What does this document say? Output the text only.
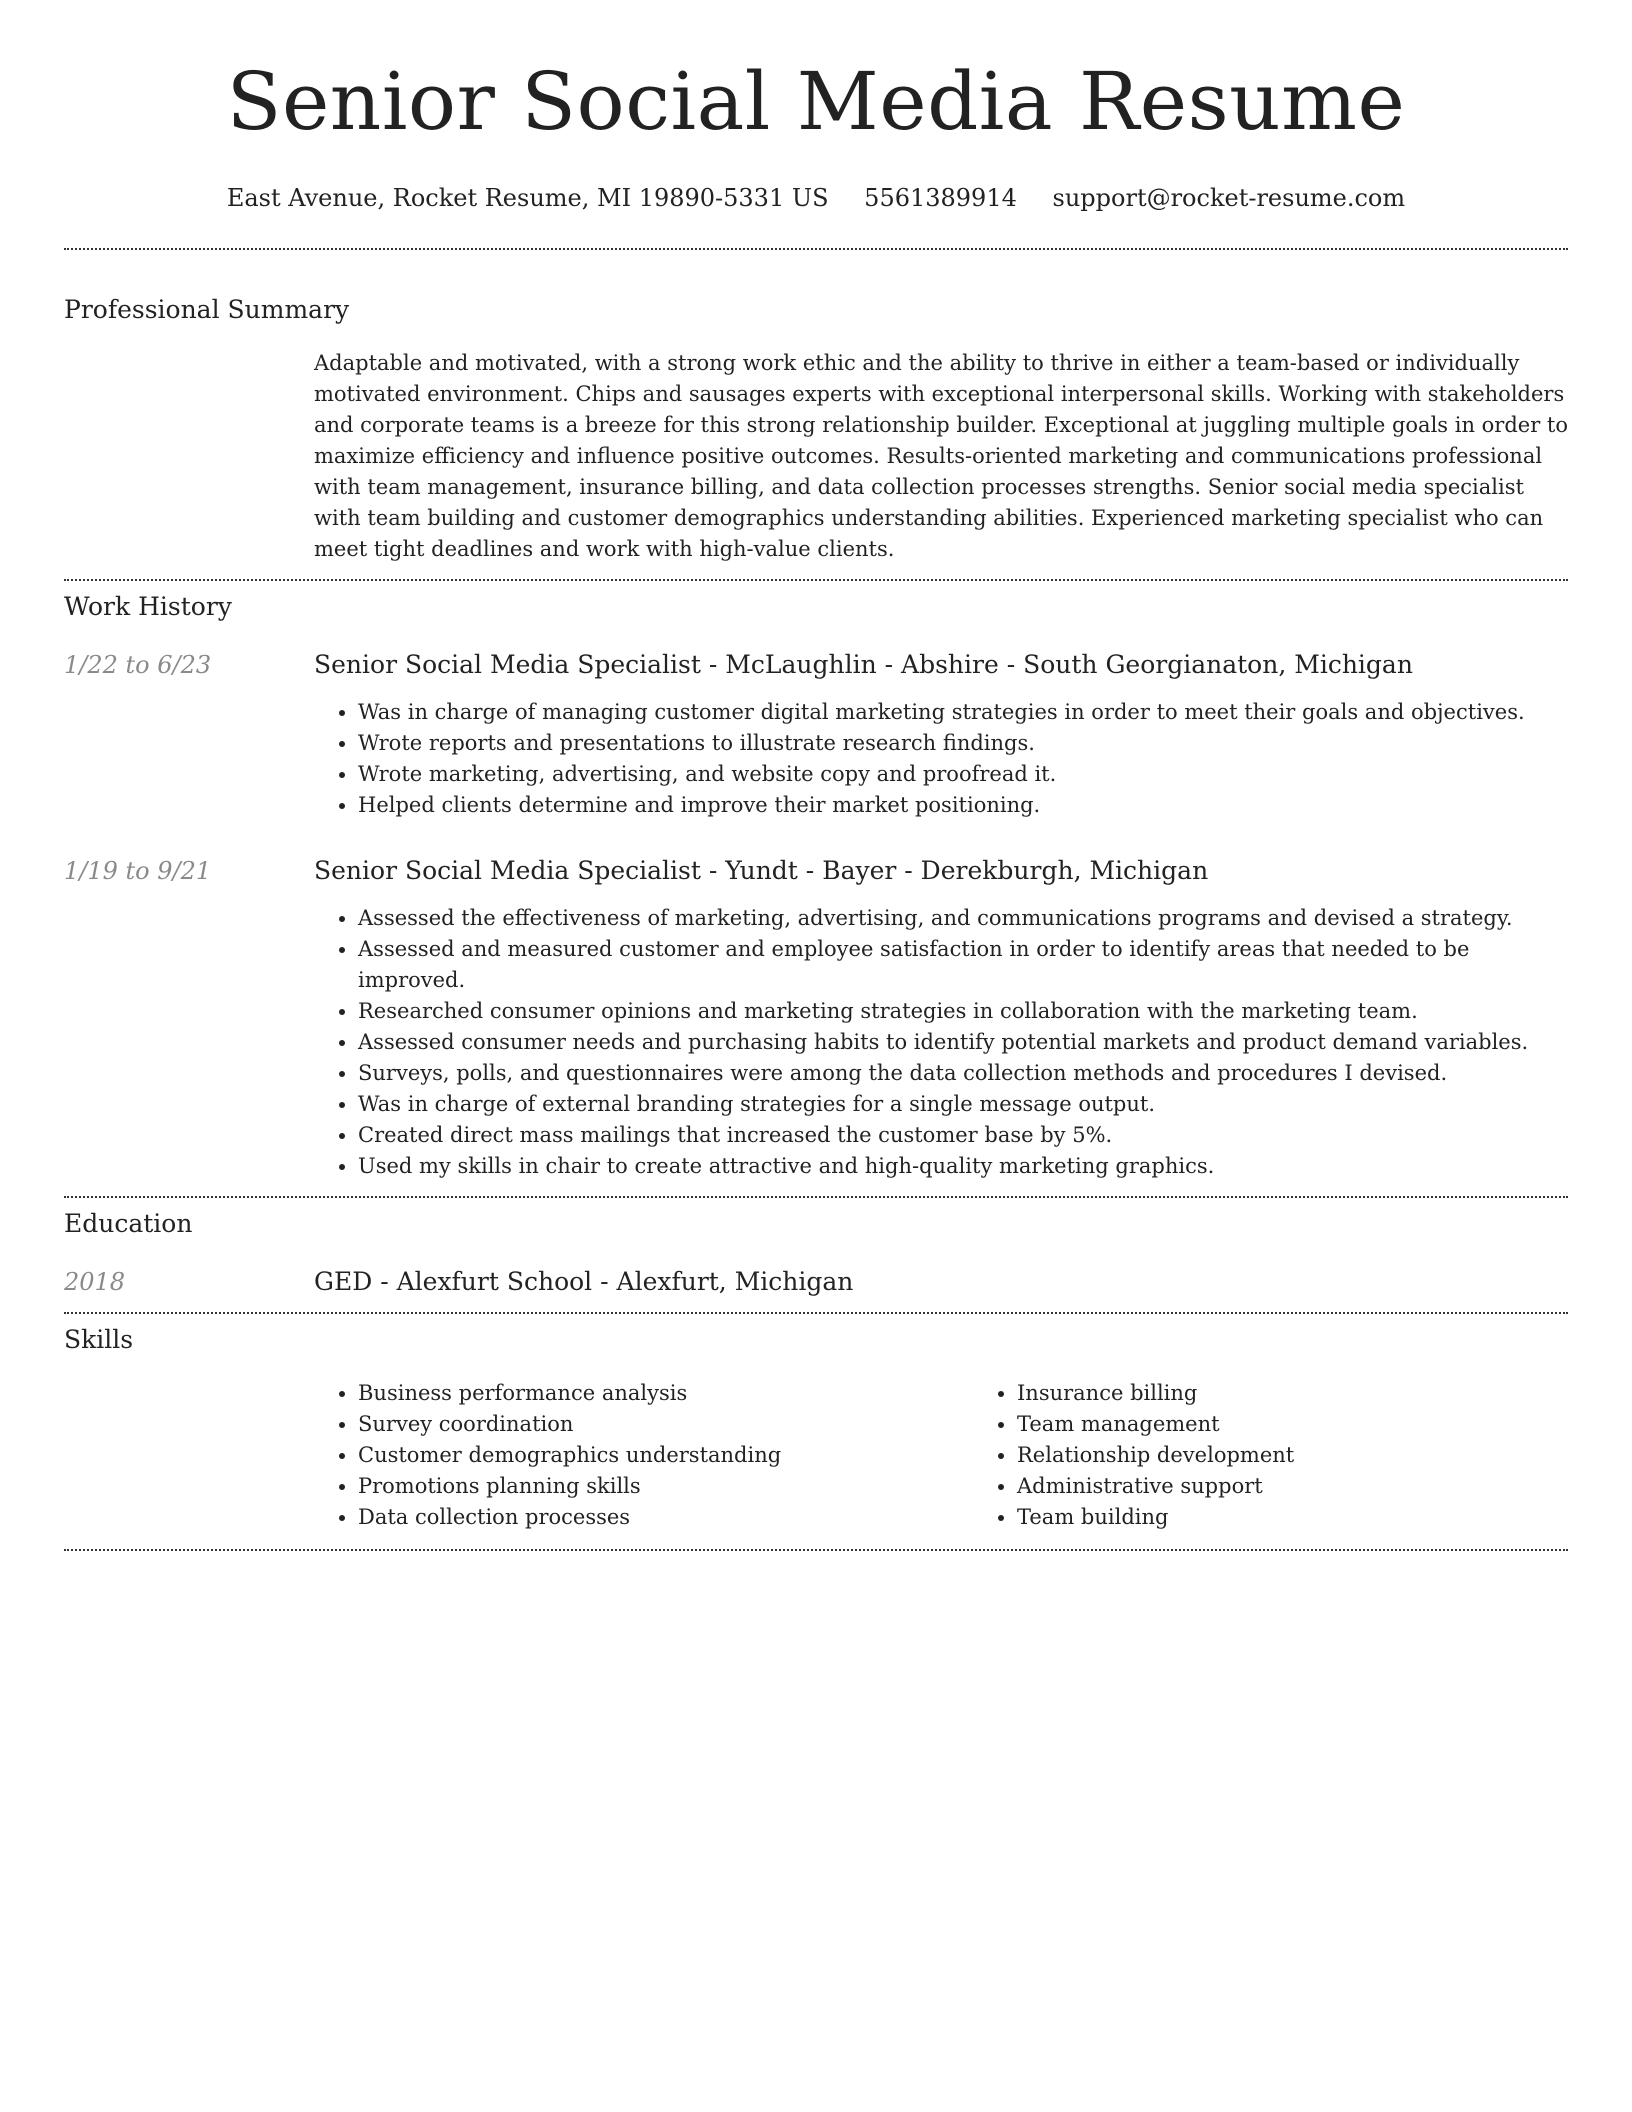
Senior Social Media Resume
East Avenue, Rocket Resume, MI 19890-5331 US 5561389914 support@rocket-resume.com
Professional Summary

Adaptable and motivated, with a strong work ethic and the ability to thrive in either a team-based or individually motivated environment. Chips and sausages experts with exceptional interpersonal skills. Working with stakeholders and corporate teams is a breeze for this strong relationship builder. Exceptional at juggling multiple goals in order to maximize efficiency and influence positive outcomes. Results-oriented marketing and communications professional with team management, insurance billing, and data collection processes strengths. Senior social media specialist with team building and customer demographics understanding abilities. Experienced marketing specialist who can meet tight deadlines and work with high-value clients.

Work History
1/22 to 6/23	Senior Social Media Specialist - McLaughlin - Abshire - South Georgianaton, Michigan
• Was in charge of managing customer digital marketing strategies in order to meet their goals and objectives.
• Wrote reports and presentations to illustrate research findings.
• Wrote marketing, advertising, and website copy and proofread it.
• Helped clients determine and improve their market positioning.
1/19 to 9/21	Senior Social Media Specialist - Yundt - Bayer - Derekburgh, Michigan
• Assessed the effectiveness of marketing, advertising, and communications programs and devised a strategy.
• Assessed and measured customer and employee satisfaction in order to identify areas that needed to be improved.
• Researched consumer opinions and marketing strategies in collaboration with the marketing team.
• Assessed consumer needs and purchasing habits to identify potential markets and product demand variables.
• Surveys, polls, and questionnaires were among the data collection methods and procedures I devised.
• Was in charge of external branding strategies for a single message output.
• Created direct mass mailings that increased the customer base by 5%.
• Used my skills in chair to create attractive and high-quality marketing graphics.
Education
2018	GED - Alexfurt School - Alexfurt, Michigan
Skills
• Business performance analysis
• Survey coordination
• Customer demographics understanding
• Promotions planning skills
• Data collection processes
• Insurance billing
• Team management
• Relationship development
• Administrative support
• Team building
